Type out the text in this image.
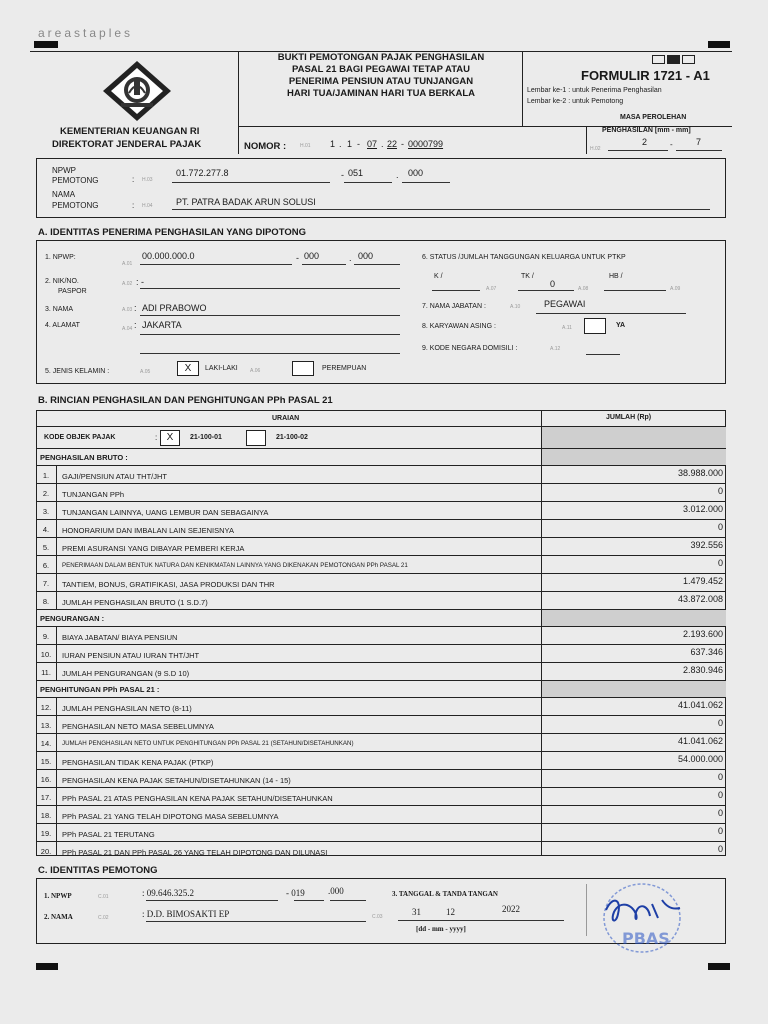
areastaples
KEMENTERIAN KEUANGAN RI
DIREKTORAT JENDERAL PAJAK
BUKTI PEMOTONGAN PAJAK PENGHASILAN
PASAL 21 BAGI PEGAWAI TETAP ATAU
PENERIMA PENSIUN ATAU TUNJANGAN
HARI TUA/JAMINAN HARI TUA BERKALA
FORMULIR 1721 - A1
Lembar ke-1 : untuk Penerima Penghasilan
Lembar ke-2 : untuk Pemotong
MASA PEROLEHAN
PENGHASILAN [mm - mm]
H.02
2	-	7
NOMOR :	H.01 1 . 1 - 07 . 22 - 0000799
NPWP
PEMOTONG	: H.03
01.772.277.8	- 051	. 000
NAMA
PEMOTONG	: H.04	PT. PATRA BADAK ARUN SOLUSI
A. IDENTITAS PENERIMA PENGHASILAN YANG DIPOTONG
1. NPWP:
A.01
00.000.000.0	- 000	. 000
2. NIK/NO.
PASPOR
A.02 : -
3. NAMA	A.03 : ADI PRABOWO
4. ALAMAT	A.04 : JAKARTA
5. JENIS KELAMIN :	A.05	X	LAKI-LAKI A.06	PEREMPUAN
6. STATUS /JUMLAH TANGGUNGAN KELUARGA UNTUK PTKP
K /
A.07
TK /
0	A.08
HB /
A.09
7. NAMA JABATAN :	A.10	PEGAWAI
8. KARYAWAN ASING :	A.11	YA
9. KODE NEGARA DOMISILI :	A.12
B. RINCIAN PENGHASILAN DAN PENGHITUNGAN PPh PASAL 21
URAIAN	JUMLAH (Rp)
KODE OBJEK PAJAK	: X	21-100-01	21-100-02
PENGHASILAN BRUTO :
PENGURANGAN :
PENGHITUNGAN PPh PASAL 21 :
C. IDENTITAS PEMOTONG
1. NPWP	C.01	: 09.646.325.2	- 019	.000
2. NAMA	C.02	: D.D. BIMOSAKTI EP
3. TANGGAL & TANDA TANGAN
C.03	31	12	2022
[dd - mm - yyyy]	PBAS
1.	GAJI/PENSIUN ATAU THT/JHT	38.988.000
2.	TUNJANGAN PPh	0
3.	TUNJANGAN LAINNYA, UANG LEMBUR DAN SEBAGAINYA	3.012.000
4.	HONORARIUM DAN IMBALAN LAIN SEJENISNYA	0
5.	PREMI ASURANSI YANG DIBAYAR PEMBERI KERJA	392.556
6.	PENERIMAAN DALAM BENTUK NATURA DAN KENIKMATAN LAINNYA YANG DIKENAKAN PEMOTONGAN PPh PASAL 21	0
7.	TANTIEM, BONUS, GRATIFIKASI, JASA PRODUKSI DAN THR	1.479.452
8.	JUMLAH PENGHASILAN BRUTO (1 S.D.7)	43.872.008
9.	BIAYA JABATAN/ BIAYA PENSIUN	2.193.600
10.	IURAN PENSIUN ATAU IURAN THT/JHT	637.346
11.	JUMLAH PENGURANGAN (9 S.D 10)	2.830.946
12.	JUMLAH PENGHASILAN NETO (8-11)	41.041.062
13.	PENGHASILAN NETO MASA SEBELUMNYA	0
14.	JUMLAH PENGHASILAN NETO UNTUK PENGHITUNGAN PPh PASAL 21 (SETAHUN/DISETAHUNKAN)	41.041.062
15.	PENGHASILAN TIDAK KENA PAJAK (PTKP)	54.000.000
16.	PENGHASILAN KENA PAJAK SETAHUN/DISETAHUNKAN (14 - 15)	0
17.	PPh PASAL 21 ATAS PENGHASILAN KENA PAJAK SETAHUN/DISETAHUNKAN	0
18.	PPh PASAL 21 YANG TELAH DIPOTONG MASA SEBELUMNYA	0
19.	PPh PASAL 21 TERUTANG	0
20.	PPh PASAL 21 DAN PPh PASAL 26 YANG TELAH DIPOTONG DAN DILUNASI	0
